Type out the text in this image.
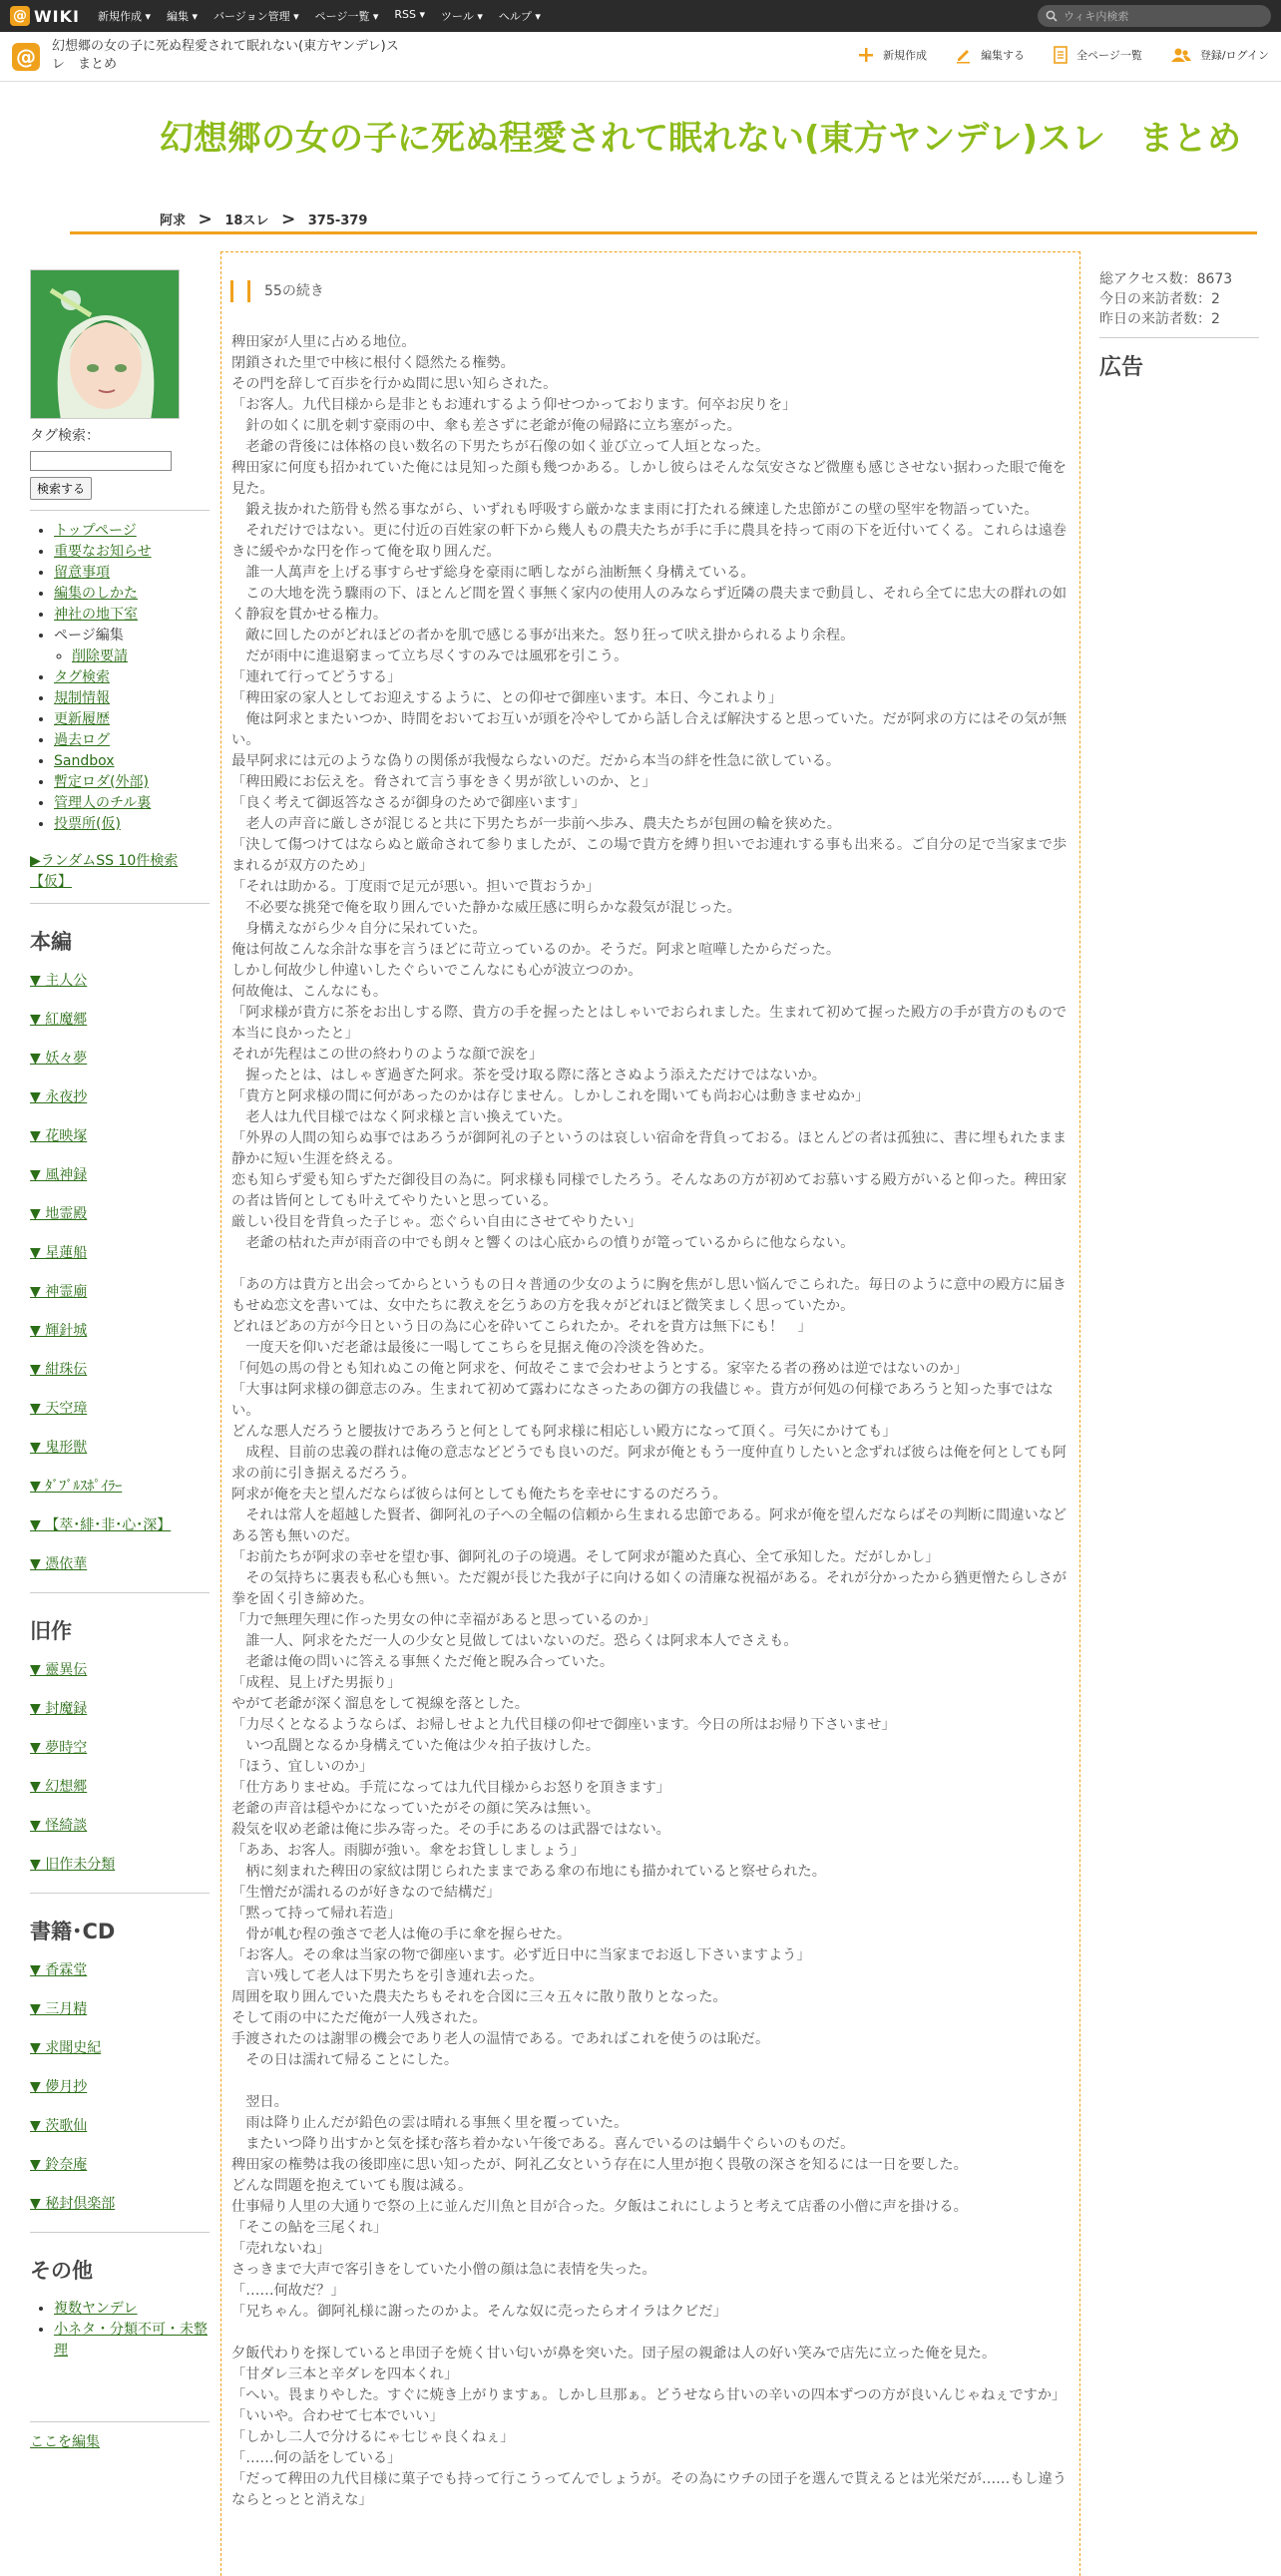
@ WIKI 新規作成 ▾ 編集 ▾ バージョン管理 ▾ ページ一覧 ▾ RSS ▾ ツール ▾ ヘルプ ▾	ウィキ内検索
@	幻想郷の女の子に死ぬ程愛されて眠れない(東方ヤンデレ)スレ　まとめ
新規作成	編集する	全ページ一覧	登録/ログイン
幻想郷の女の子に死ぬ程愛されて眠れない(東方ヤンデレ)スレ　まとめ
阿求 > 18スレ > 375-379
タグ検索：
検索する
• トップページ
• 重要なお知らせ
• 留意事項
• 編集のしかた
• 神社の地下室
• ページ編集
◦ 削除要請
• タグ検索
• 規制情報
• 更新履歴
• 過去ログ
• Sandbox
• 暫定ロダ(外部)
• 管理人のチル裏
• 投票所(仮)
▶ランダムSS 10件検索【仮】
本編
▼ 主人公
▼ 紅魔郷
▼ 妖々夢
▼ 永夜抄
▼ 花映塚
▼ 風神録
▼ 地霊殿
▼ 星蓮船
▼ 神霊廟
▼ 輝針城
▼ 紺珠伝
▼ 天空璋
▼ 鬼形獣
▼ ﾀﾞﾌﾞﾙｽﾎﾟｲﾗｰ
▼ 【萃･緋･非･心･深】
▼ 憑依華
旧作
▼ 靈異伝
▼ 封魔録
▼ 夢時空
▼ 幻想郷
▼ 怪綺談
▼ 旧作未分類
書籍･CD
▼ 香霖堂
▼ 三月精
▼ 求聞史紀
▼ 儚月抄
▼ 茨歌仙
▼ 鈴奈庵
▼ 秘封倶楽部
その他
• 複数ヤンデレ
• 小ネタ・分類不可・未整理
ここを編集
55の続き
稗田家が人里に占める地位。
閉鎖された里で中核に根付く隠然たる権勢。
その門を辞して百歩を行かぬ間に思い知らされた。
「お客人。九代目様から是非ともお連れするよう仰せつかっております。何卒お戻りを」
　針の如くに肌を刺す豪雨の中、傘も差さずに老爺が俺の帰路に立ち塞がった。
　老爺の背後には体格の良い数名の下男たちが石像の如く並び立って人垣となった。
稗田家に何度も招かれていた俺には見知った顔も幾つかある。しかし彼らはそんな気安さなど微塵も感じさせない据わった眼で俺を見た。
　鍛え抜かれた筋骨も然る事ながら、いずれも呼吸すら厳かなまま雨に打たれる練達した忠節がこの壁の堅牢を物語っていた。
　それだけではない。更に付近の百姓家の軒下から幾人もの農夫たちが手に手に農具を持って雨の下を近付いてくる。これらは遠巻きに緩やかな円を作って俺を取り囲んだ。
　誰一人萬声を上げる事すらせず総身を豪雨に晒しながら油断無く身構えている。
　この大地を洗う驟雨の下、ほとんど間を置く事無く家内の使用人のみならず近隣の農夫まで動員し、それら全てに忠大の群れの如く静寂を貫かせる権力。
　敵に回したのがどれほどの者かを肌で感じる事が出来た。怒り狂って吠え掛かられるより余程。
　だが雨中に進退窮まって立ち尽くすのみでは風邪を引こう。
「連れて行ってどうする」
「稗田家の家人としてお迎えするように、との仰せで御座います。本日、今これより」
　俺は阿求とまたいつか、時間をおいてお互いが頭を冷やしてから話し合えば解決すると思っていた。だが阿求の方にはその気が無い。
最早阿求には元のような偽りの関係が我慢ならないのだ。だから本当の絆を性急に欲している。
「稗田殿にお伝えを。脅されて言う事をきく男が欲しいのか、と」
「良く考えて御返答なさるが御身のためで御座います」
　老人の声音に厳しさが混じると共に下男たちが一歩前へ歩み、農夫たちが包囲の輪を狭めた。
「決して傷つけてはならぬと厳命されて参りましたが、この場で貴方を縛り担いでお連れする事も出来る。ご自分の足で当家まで歩まれるが双方のため」
「それは助かる。丁度雨で足元が悪い。担いで貰おうか」
　不必要な挑発で俺を取り囲んでいた静かな威圧感に明らかな殺気が混じった。
　身構えながら少々自分に呆れていた。
俺は何故こんな余計な事を言うほどに苛立っているのか。そうだ。阿求と喧嘩したからだった。
しかし何故少し仲違いしたぐらいでこんなにも心が波立つのか。
何故俺は、こんなにも。
「阿求様が貴方に茶をお出しする際、貴方の手を握ったとはしゃいでおられました。生まれて初めて握った殿方の手が貴方のもので本当に良かったと」
それが先程はこの世の終わりのような顔で涙を」
　握ったとは、はしゃぎ過ぎた阿求。茶を受け取る際に落とさぬよう添えただけではないか。
「貴方と阿求様の間に何があったのかは存じません。しかしこれを聞いても尚お心は動きませぬか」
　老人は九代目様ではなく阿求様と言い換えていた。
「外界の人間の知らぬ事ではあろうが御阿礼の子というのは哀しい宿命を背負っておる。ほとんどの者は孤独に、書に埋もれたまま静かに短い生涯を終える。
恋も知らず愛も知らずただ御役目の為に。阿求様も同様でしたろう。そんなあの方が初めてお慕いする殿方がいると仰った。稗田家の者は皆何としても叶えてやりたいと思っている。
厳しい役目を背負った子じゃ。恋ぐらい自由にさせてやりたい」
　老爺の枯れた声が雨音の中でも朗々と響くのは心底からの憤りが篭っているからに他ならない。

「あの方は貴方と出会ってからというもの日々普通の少女のように胸を焦がし思い悩んでこられた。毎日のように意中の殿方に届きもせぬ恋文を書いては、女中たちに教えを乞うあの方を我々がどれほど微笑ましく思っていたか。
どれほどあの方が今日という日の為に心を砕いてこられたか。それを貴方は無下にも！　」
　一度天を仰いだ老爺は最後に一喝してこちらを見据え俺の冷淡を咎めた。
「何処の馬の骨とも知れぬこの俺と阿求を、何故そこまで会わせようとする。家宰たる者の務めは逆ではないのか」
「大事は阿求様の御意志のみ。生まれて初めて露わになさったあの御方の我儘じゃ。貴方が何処の何様であろうと知った事ではない。
どんな悪人だろうと腰抜けであろうと何としても阿求様に相応しい殿方になって頂く。弓矢にかけても」
　成程、目前の忠義の群れは俺の意志などどうでも良いのだ。阿求が俺ともう一度仲直りしたいと念ずれば彼らは俺を何としても阿求の前に引き据えるだろう。
阿求が俺を夫と望んだならば彼らは何としても俺たちを幸せにするのだろう。
　それは常人を超越した賢者、御阿礼の子への全幅の信頼から生まれる忠節である。阿求が俺を望んだならばその判断に間違いなどある筈も無いのだ。
「お前たちが阿求の幸せを望む事、御阿礼の子の境遇。そして阿求が籠めた真心、全て承知した。だがしかし」
　その気持ちに裏表も私心も無い。ただ親が長じた我が子に向ける如くの清廉な祝福がある。それが分かったから猶更憎たらしさが拳を固く引き締めた。
「力で無理矢理に作った男女の仲に幸福があると思っているのか」
　誰一人、阿求をただ一人の少女と見做してはいないのだ。恐らくは阿求本人でさえも。
　老爺は俺の問いに答える事無くただ俺と睨み合っていた。
「成程、見上げた男振り」
やがて老爺が深く溜息をして視線を落とした。
「力尽くとなるようならば、お帰しせよと九代目様の仰せで御座います。今日の所はお帰り下さいませ」
　いつ乱闘となるか身構えていた俺は少々拍子抜けした。
「ほう、宜しいのか」
「仕方ありませぬ。手荒になっては九代目様からお怒りを頂きます」
老爺の声音は穏やかになっていたがその顔に笑みは無い。
殺気を収め老爺は俺に歩み寄った。その手にあるのは武器ではない。
「ああ、お客人。雨脚が強い。傘をお貸ししましょう」
　柄に刻まれた稗田の家紋は閉じられたままである傘の布地にも描かれていると察せられた。
「生憎だが濡れるのが好きなので結構だ」
「黙って持って帰れ若造」
　骨が軋む程の強さで老人は俺の手に傘を握らせた。
「お客人。その傘は当家の物で御座います。必ず近日中に当家までお返し下さいますよう」
　言い残して老人は下男たちを引き連れ去った。
周囲を取り囲んでいた農夫たちもそれを合図に三々五々に散り散りとなった。
そして雨の中にただ俺が一人残された。
手渡されたのは謝罪の機会であり老人の温情である。であればこれを使うのは恥だ。
　その日は濡れて帰ることにした。

　翌日。
　雨は降り止んだが鉛色の雲は晴れる事無く里を覆っていた。
　またいつ降り出すかと気を揉む落ち着かない午後である。喜んでいるのは蝸牛ぐらいのものだ。
稗田家の権勢は我の後即座に思い知ったが、阿礼乙女という存在に人里が抱く畏敬の深さを知るには一日を要した。
どんな問題を抱えていても腹は減る。
仕事帰り人里の大通りで祭の上に並んだ川魚と目が合った。夕飯はこれにしようと考えて店番の小僧に声を掛ける。
「そこの鮎を三尾くれ」
「売れないね」
さっきまで大声で客引きをしていた小僧の顔は急に表情を失った。
「……何故だ？」
「兄ちゃん。御阿礼様に謝ったのかよ。そんな奴に売ったらオイラはクビだ」

夕飯代わりを探していると串団子を焼く甘い匂いが鼻を突いた。団子屋の親爺は人の好い笑みで店先に立った俺を見た。
「甘ダレ三本と辛ダレを四本くれ」
「へい。畏まりやした。すぐに焼き上がりますぁ。しかし旦那ぁ。どうせなら甘いの辛いの四本ずつの方が良いんじゃねぇですか」
「いいや。合わせて七本でいい」
「しかし二人で分けるにゃ七じゃ良くねぇ」
「……何の話をしている」
「だって稗田の九代目様に菓子でも持って行こうってんでしょうが。その為にウチの団子を選んで貰えるとは光栄だが……もし違うならとっとと消えな」
総アクセス数：8673
今日の来訪者数：2
昨日の来訪者数：2
広告
